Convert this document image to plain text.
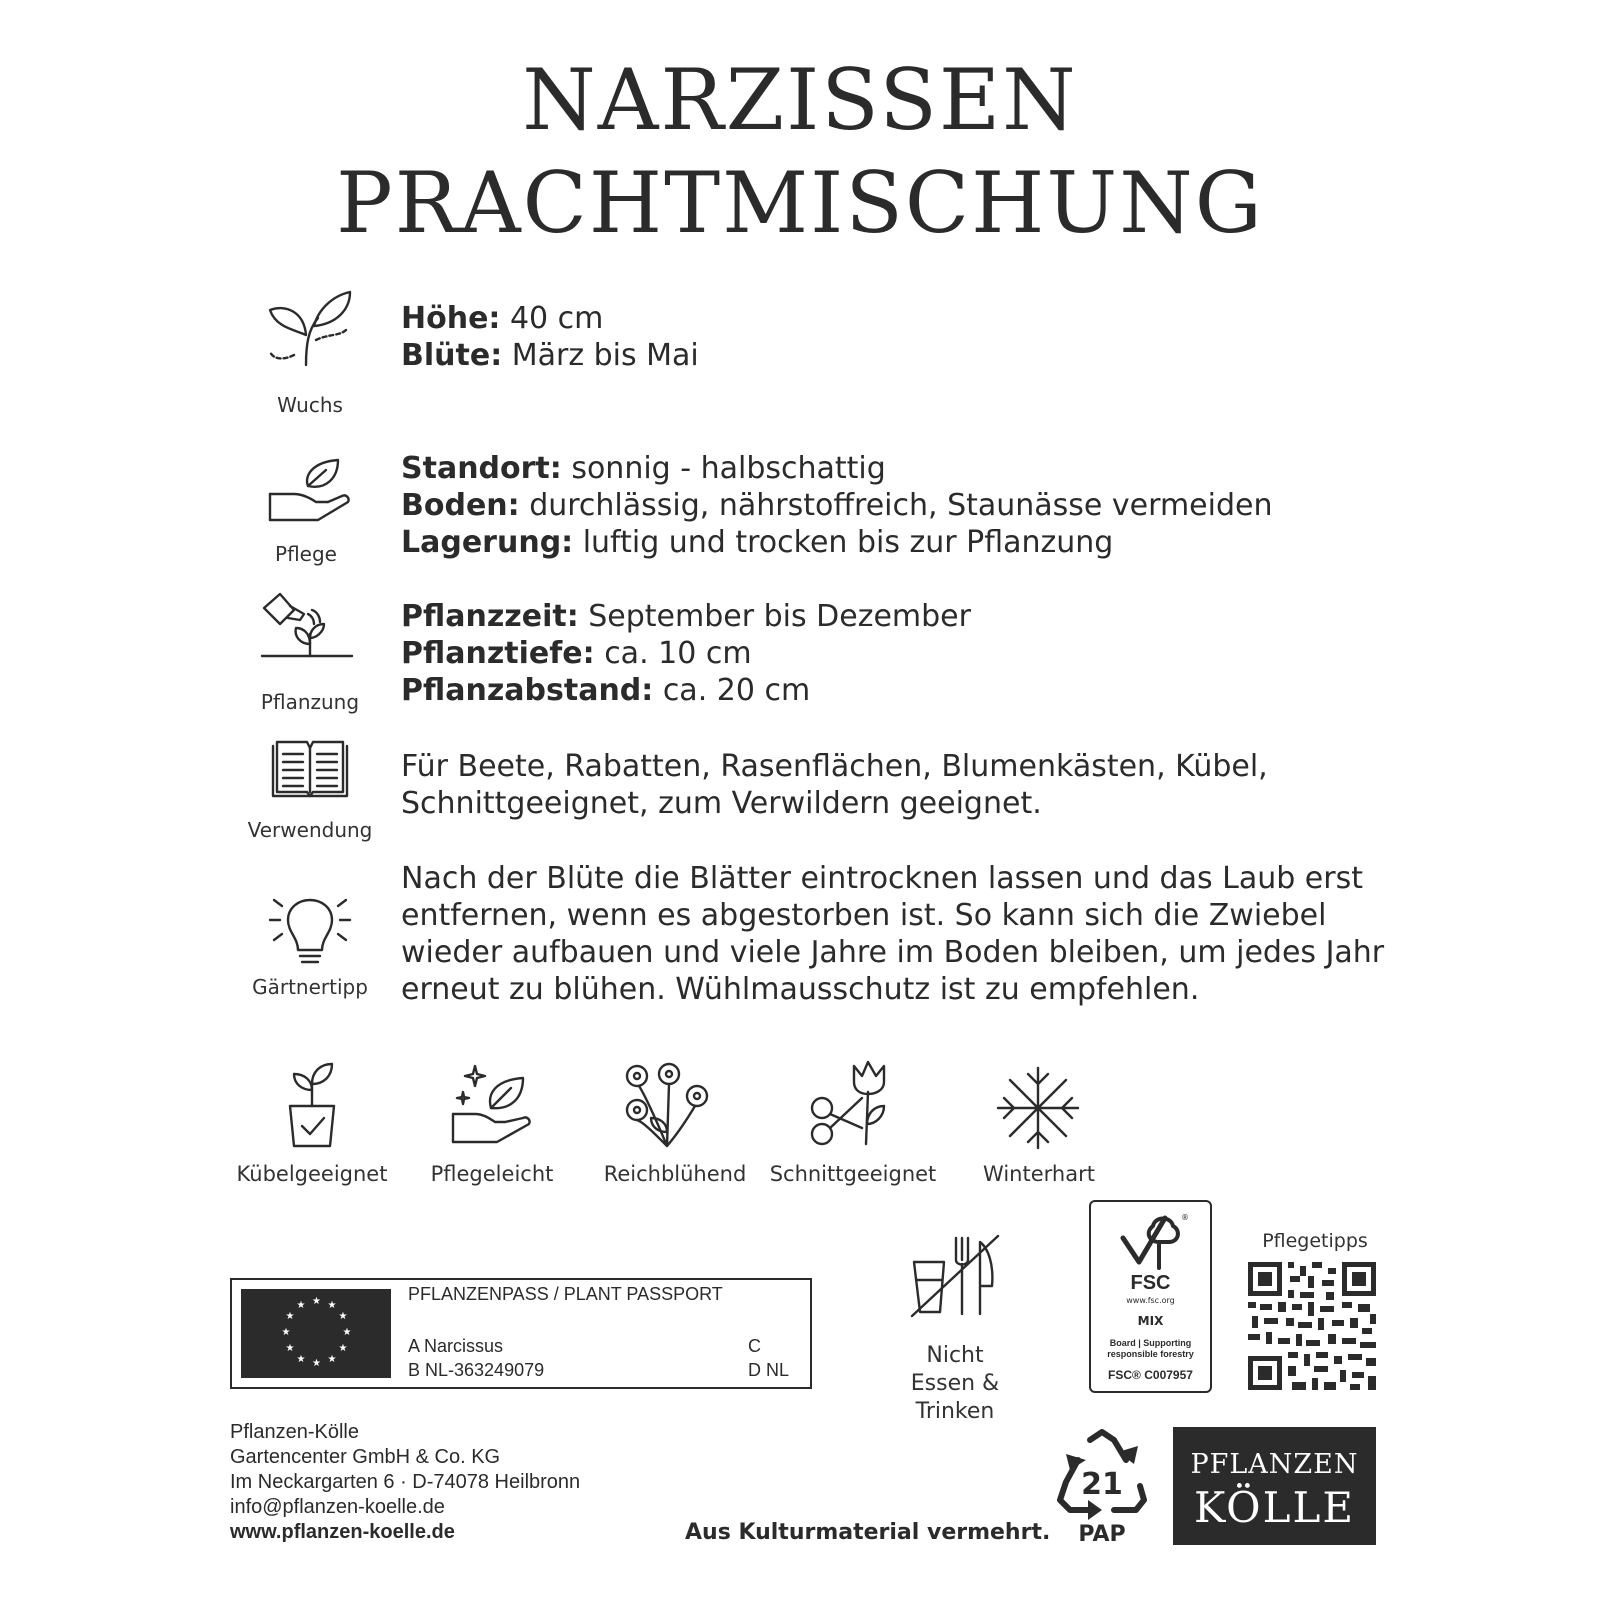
NARZISSEN
PRACHTMISCHUNG
Wuchs
Höhe: 40 cm
Blüte: März bis Mai
Pflege
Standort: sonnig - halbschattig
Boden: durchlässig, nährstoffreich, Staunässe vermeiden
Lagerung: luftig und trocken bis zur Pflanzung
Pflanzung
Pflanzzeit: September bis Dezember
Pflanztiefe: ca. 10 cm
Pflanzabstand: ca. 20 cm
Verwendung
Für Beete, Rabatten, Rasenflächen, Blumenkästen, Kübel,
Schnittgeeignet, zum Verwildern geeignet.
Gärtnertipp
Nach der Blüte die Blätter eintrocknen lassen und das Laub erst
entfernen, wenn es abgestorben ist. So kann sich die Zwiebel
wieder aufbauen und viele Jahre im Boden bleiben, um jedes Jahr
erneut zu blühen. Wühlmausschutz ist zu empfehlen.
Kübelgeeignet	Pflegeleicht	Reichblühend	Schnittgeeignet	Winterhart
★ ★
★
★
★
★
★
★
★
★
★
★
PFLANZENPASS / PLANT PASSPORT
A Narcissus
B NL-363249079
C
D NL
Nicht
Essen & Trinken
®
FSC
www.fsc.org
MIX
Board | Supporting
responsible forestry
FSC® C007957
Pflegetipps
Pflanzen-Kölle
Gartencenter GmbH & Co. KG
Im Neckargarten 6 · D-74078 Heilbronn
info@pflanzen-koelle.de
www.pflanzen-koelle.de	Aus Kulturmaterial vermehrt.
21
PAP
PFLANZEN
KÖLLE
